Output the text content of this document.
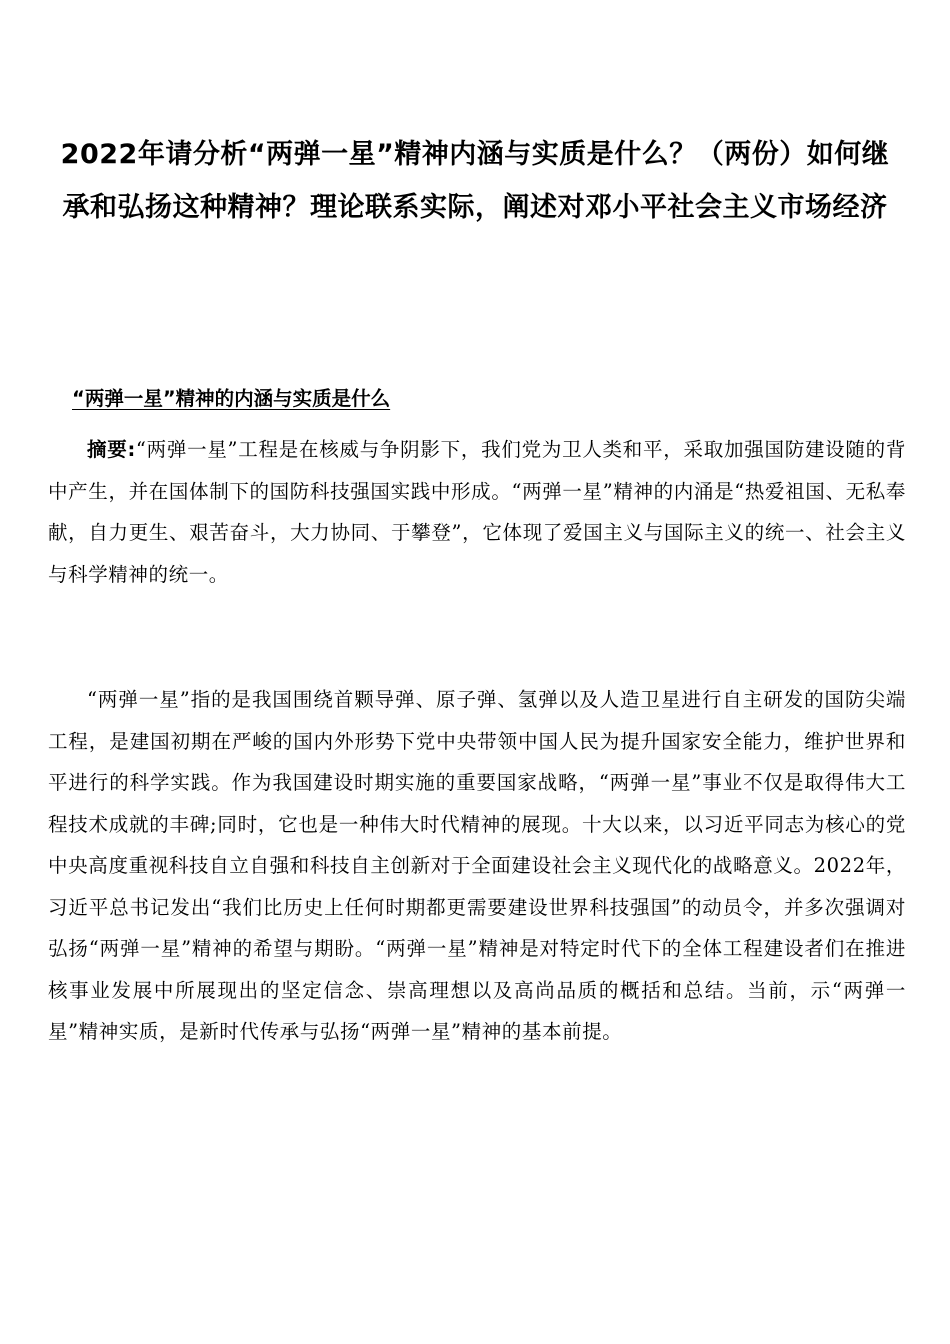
2022年请分析“两弹一星”精神内涵与实质是什么？（两份）如何继承和弘扬这种精神？理论联系实际，阐述对邓小平社会主义市场经济
“两弹一星”精神的内涵与实质是什么

摘要:“两弹一星”工程是在核威与争阴影下，我们党为卫人类和平，采取加强国防建设随的背中产生，并在国体制下的国防科技强国实践中形成。“两弹一星”精神的内涌是“热爱祖国、无私奉献，自力更生、艰苦奋斗，大力协同、于攀登”，它体现了爱国主义与国际主义的统一、社会主义与科学精神的统一。

“两弹一星”指的是我国围绕首颗导弹、原子弹、氢弹以及人造卫星进行自主研发的国防尖端工程，是建国初期在严峻的国内外形势下党中央带领中国人民为提升国家安全能力，维护世界和平进行的科学实践。作为我国建设时期实施的重要国家战略，“两弹一星”事业不仅是取得伟大工程技术成就的丰碑;同时，它也是一种伟大时代精神的展现。十大以来，以习近平同志为核心的党中央高度重视科技自立自强和科技自主创新对于全面建设社会主义现代化的战略意义。2022年，习近平总书记发出“我们比历史上任何时期都更需要建设世界科技强国”的动员令，并多次强调对弘扬“两弹一星”精神的希望与期盼。“两弹一星”精神是对特定时代下的全体工程建设者们在推进核事业发展中所展现出的坚定信念、崇高理想以及高尚品质的概括和总结。当前，示“两弹一星”精神实质，是新时代传承与弘扬“两弹一星”精神的基本前提。
